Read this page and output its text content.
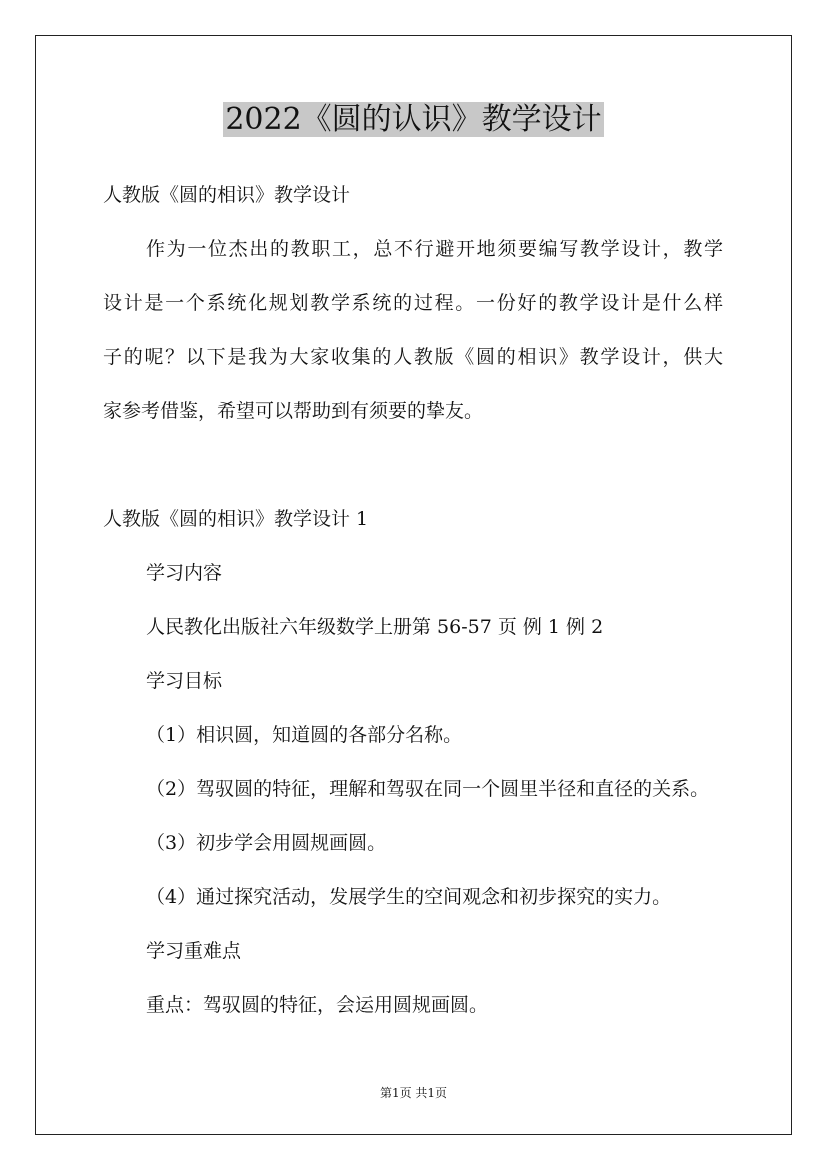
2022《圆的认识》教学设计
人教版《圆的相识》教学设计
作为一位杰出的教职工，总不行避开地须要编写教学设计，教学
设计是一个系统化规划教学系统的过程。一份好的教学设计是什么样
子的呢？以下是我为大家收集的人教版《圆的相识》教学设计，供大
家参考借鉴，希望可以帮助到有须要的挚友。
人教版《圆的相识》教学设计 1
学习内容
人民教化出版社六年级数学上册第 56-57 页 例 1 例 2
学习目标
（1）相识圆，知道圆的各部分名称。
（2）驾驭圆的特征，理解和驾驭在同一个圆里半径和直径的关系。
（3）初步学会用圆规画圆。
（4）通过探究活动，发展学生的空间观念和初步探究的实力。
学习重难点
重点：驾驭圆的特征，会运用圆规画圆。
第1页 共1页
